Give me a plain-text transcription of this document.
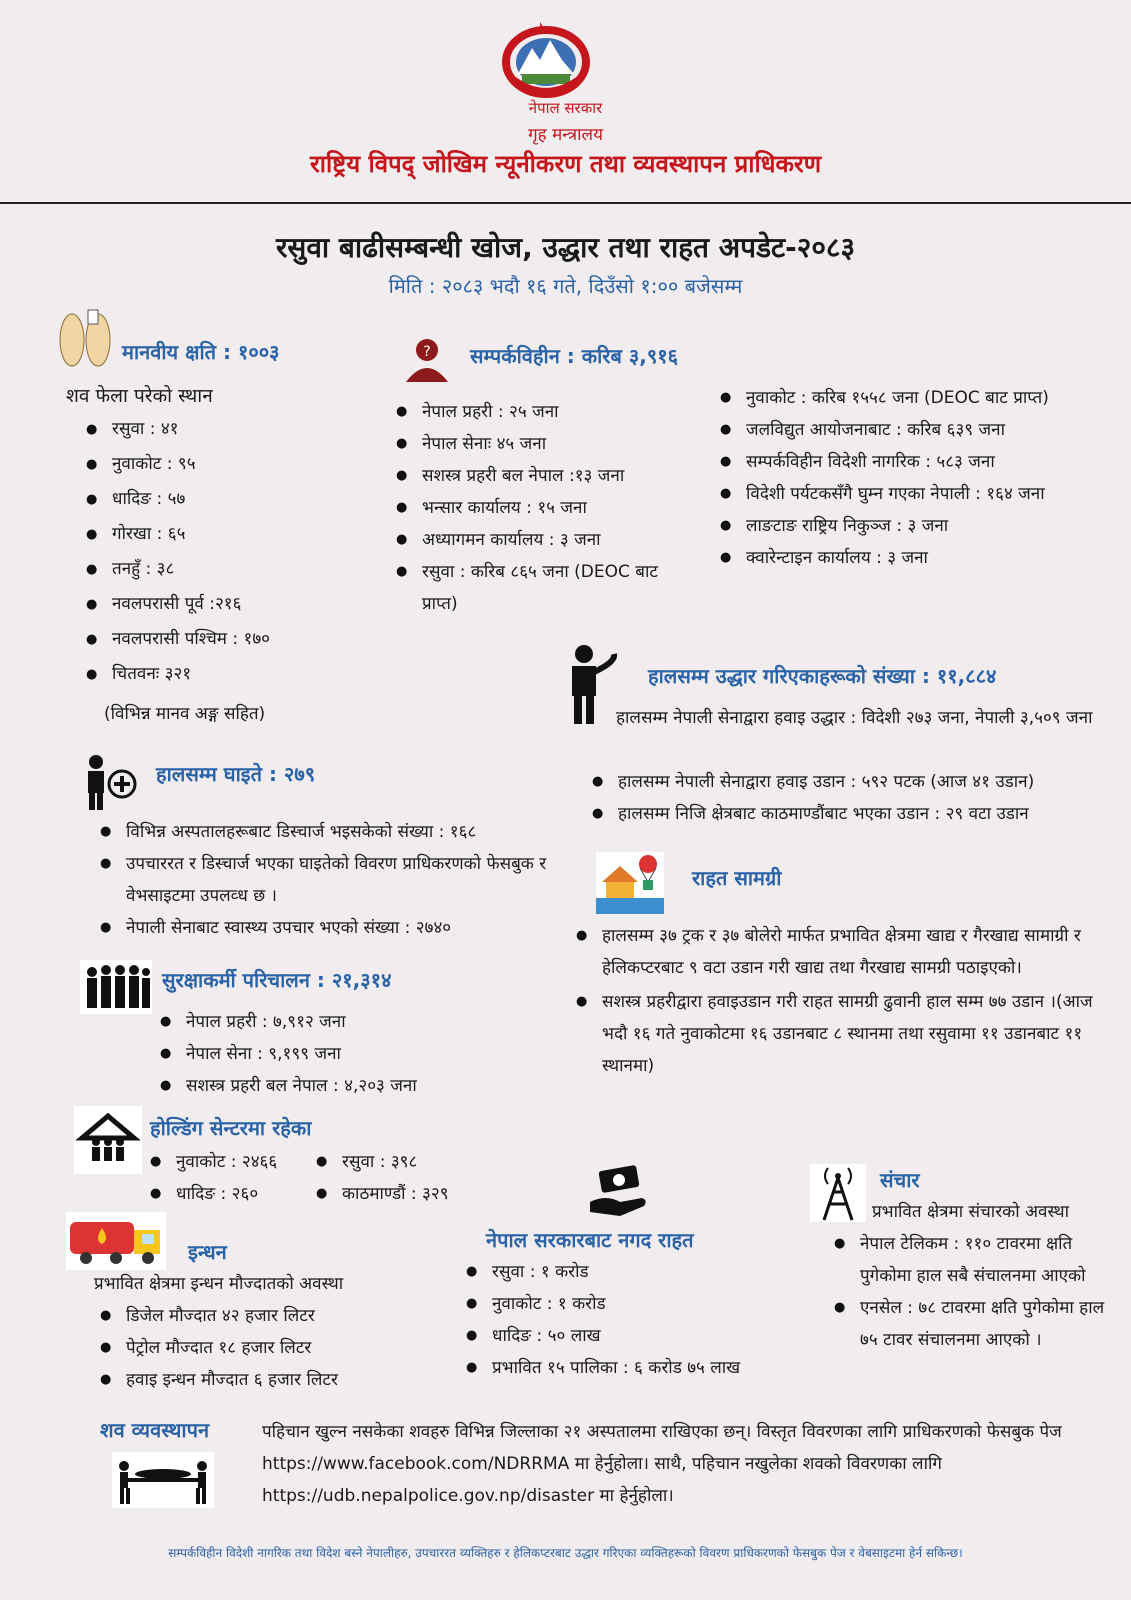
नेपाल सरकार
गृह मन्त्रालय
राष्ट्रिय विपद् जोखिम न्यूनीकरण तथा व्यवस्थापन प्राधिकरण
रसुवा बाढीसम्बन्धी खोज, उद्धार तथा राहत अपडेट-२०८३
मिति : २०८३ भदौ १६ गते, दिउँसो १:०० बजेसम्म
मानवीय क्षति : १००३
शव फेला परेको स्थान
● रसुवा : ४१
● नुवाकोट : ९५
● धादिङ : ५७
● गोरखा : ६५
● तनहुँ : ३८
● नवलपरासी पूर्व :२१६
● नवलपरासी पश्चिम : १७०
● चितवनः ३२१
(विभिन्न मानव अङ्ग सहित)
? सम्पर्कविहीन : करिब ३,९१६
● नेपाल प्रहरी : २५ जना
● नेपाल सेनाः ४५ जना
● सशस्त्र प्रहरी बल नेपाल :१३ जना
● भन्सार कार्यालय : १५ जना
● अध्यागमन कार्यालय : ३ जना
● रसुवा : करिब ८६५ जना (DEOC बाट प्राप्त)
● नुवाकोट : करिब १५५८ जना (DEOC बाट प्राप्त)
● जलविद्युत आयोजनाबाट : करिब ६३९ जना
● सम्पर्कविहीन विदेशी नागरिक : ५८३ जना
● विदेशी पर्यटकसँगै घुम्न गएका नेपाली : १६४ जना
● लाङटाङ राष्ट्रिय निकुञ्ज : ३ जना
● क्वारेन्टाइन कार्यालय : ३ जना
हालसम्म उद्धार गरिएकाहरूको संख्या : ११,८८४
हालसम्म नेपाली सेनाद्वारा हवाइ उद्धार : विदेशी २७३ जना, नेपाली ३,५०९ जना
● हालसम्म नेपाली सेनाद्वारा हवाइ उडान : ५९२ पटक (आज ४१ उडान)
● हालसम्म निजि क्षेत्रबाट काठमाण्डौंबाट भएका उडान : २९ वटा उडान
हालसम्म घाइते : २७९
● विभिन्न अस्पतालहरूबाट डिस्चार्ज भइसकेको संख्या : १६८
● उपचाररत र डिस्चार्ज भएका घाइतेको विवरण प्राधिकरणको फेसबुक र वेभसाइटमा उपलव्ध छ ।
● नेपाली सेनाबाट स्वास्थ्य उपचार भएको संख्या : २७४०
राहत सामग्री
● हालसम्म ३७ ट्रक र ३७ बोलेरो मार्फत प्रभावित क्षेत्रमा खाद्य र गैरखाद्य सामाग्री र हेलिकप्टरबाट ९ वटा उडान गरी खाद्य तथा गैरखाद्य सामग्री पठाइएको।
● सशस्त्र प्रहरीद्वारा हवाइउडान गरी राहत सामग्री ढुवानी हाल सम्म ७७ उडान ।(आज भदौ १६ गते नुवाकोटमा १६ उडानबाट ८ स्थानमा तथा रसुवामा ११ उडानबाट ११ स्थानमा)
सुरक्षाकर्मी परिचालन : २१,३१४
● नेपाल प्रहरी : ७,९१२ जना
● नेपाल सेना : ९,१९९ जना
● सशस्त्र प्रहरी बल नेपाल : ४,२०३ जना
होल्डिंग सेन्टरमा रहेका
● नुवाकोट : २४६६
● धादिङ : २६०
● रसुवा : ३९८
● काठमाण्डौं : ३२९
इन्धन
प्रभावित क्षेत्रमा इन्धन मौज्दातको अवस्था
● डिजेल मौज्दात ४२ हजार लिटर
● पेट्रोल मौज्दात १८ हजार लिटर
● हवाइ इन्धन मौज्दात ६ हजार लिटर
नेपाल सरकारबाट नगद राहत
● रसुवा : १ करोड
● नुवाकोट : १ करोड
● धादिङ : ५० लाख
● प्रभावित १५ पालिका : ६ करोड ७५ लाख
संचार
प्रभावित क्षेत्रमा संचारको अवस्था
● नेपाल टेलिकम : ११० टावरमा क्षति पुगेकोमा हाल सबै संचालनमा आएको
● एनसेल : ७८ टावरमा क्षति पुगेकोमा हाल ७५ टावर संचालनमा आएको ।
शव व्यवस्थापन	पहिचान खुल्न नसकेका शवहरु विभिन्न जिल्लाका २१ अस्पतालमा राखिएका छन्। विस्तृत विवरणका लागि प्राधिकरणको फेसबुक पेज https://www.facebook.com/NDRRMA मा हेर्नुहोला। साथै, पहिचान नखुलेका शवको विवरणका लागि https://udb.nepalpolice.gov.np/disaster मा हेर्नुहोला।
सम्पर्कविहीन विदेशी नागरिक तथा विदेश बस्ने नेपालीहरु, उपचाररत व्यक्तिहरु र हेलिकप्टरबाट उद्धार गरिएका व्यक्तिहरूको विवरण प्राधिकरणको फेसबुक पेज र वेबसाइटमा हेर्न सकिन्छ।
